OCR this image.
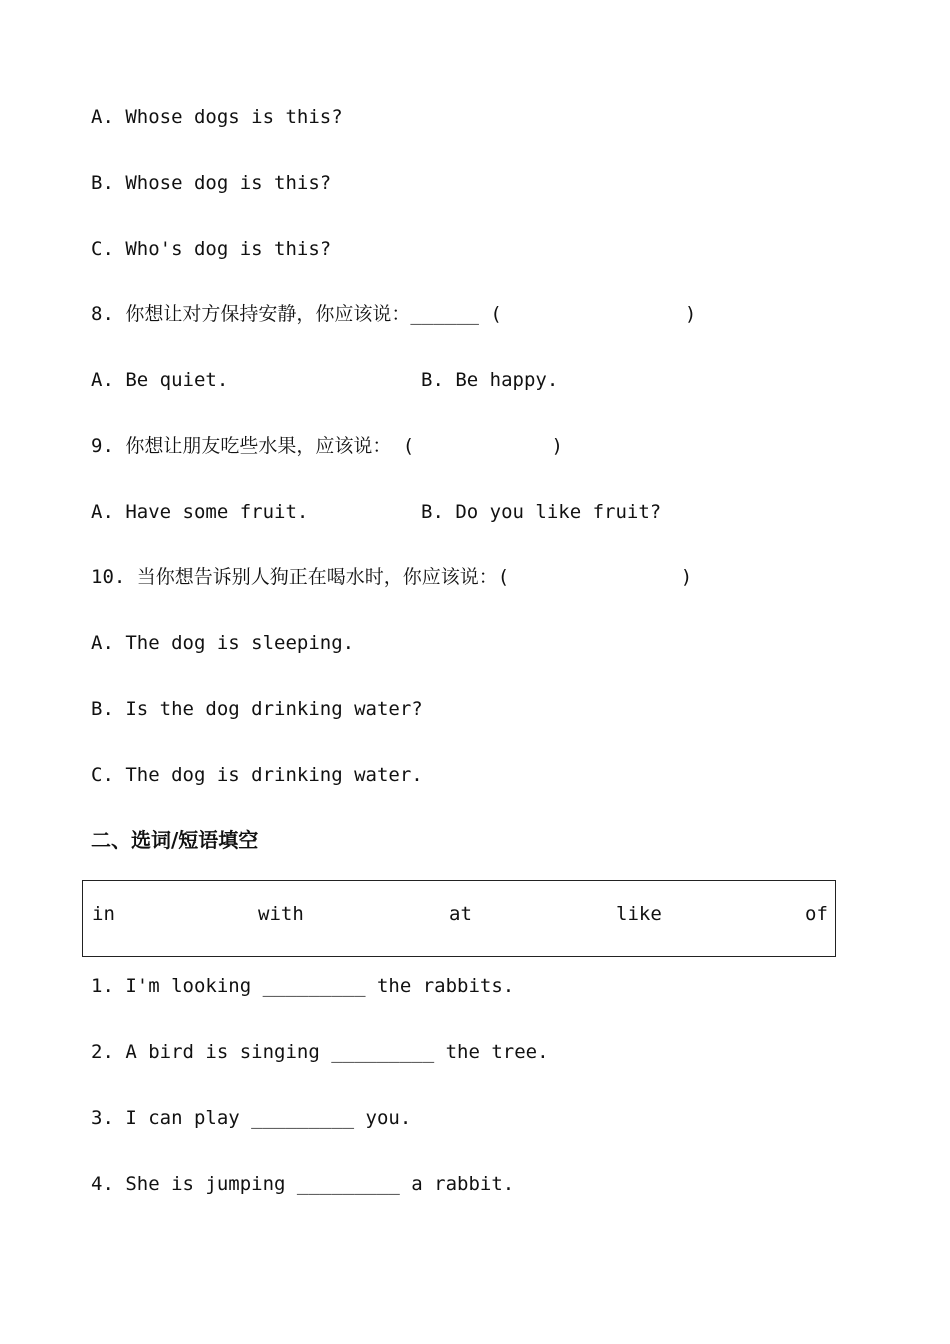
A. Whose dogs is this?
B. Whose dog is this?
C. Who's dog is this?
8. 你想让对方保持安静，你应该说：______ (                )
A. Be quiet.	B. Be happy.
9. 你想让朋友吃些水果，应该说： (            )
A. Have some fruit.	B. Do you like fruit?
10. 当你想告诉别人狗正在喝水时，你应该说：(               )
A. The dog is sleeping.
B. Is the dog drinking water?
C. The dog is drinking water.
二、选词/短语填空
in	with	at	like	of
1. I'm looking _________ the rabbits.
2. A bird is singing _________ the tree.
3. I can play _________ you.
4. She is jumping _________ a rabbit.
